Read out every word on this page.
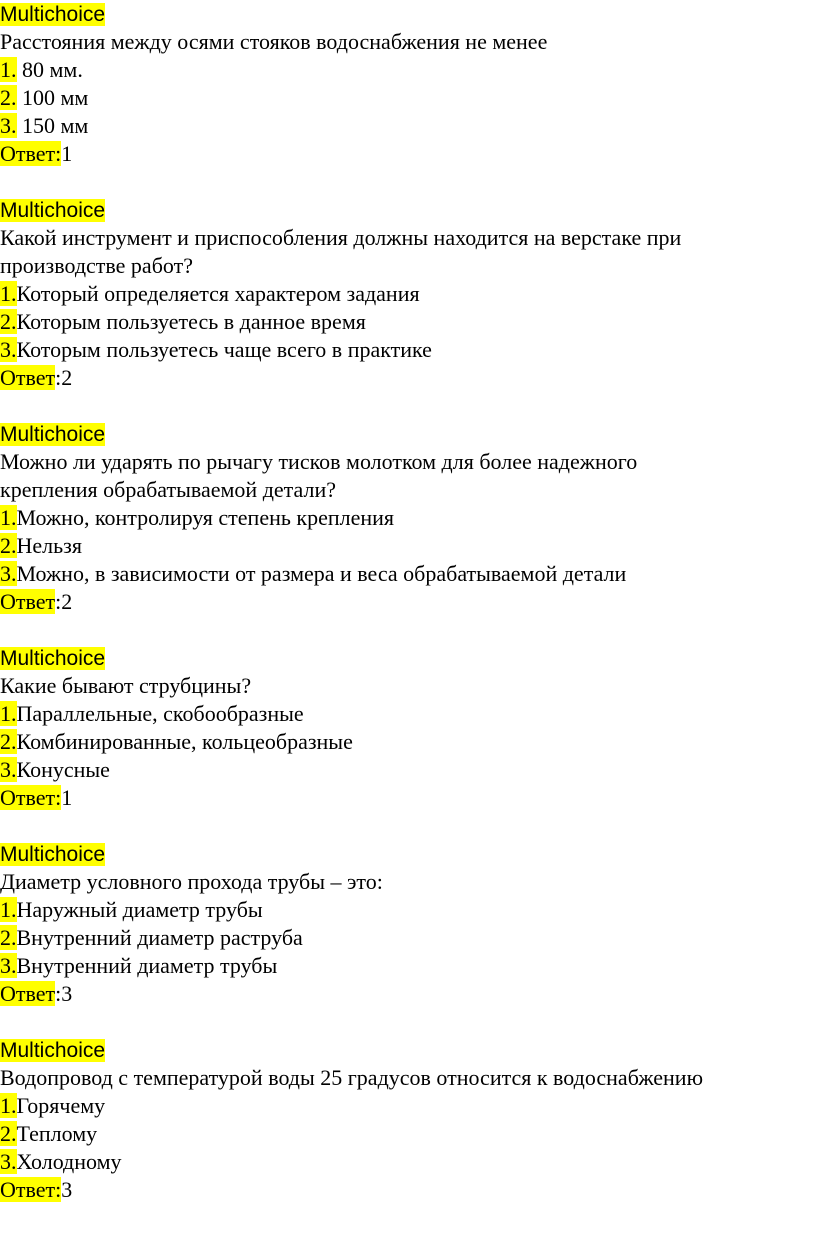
Multichoice
Расстояния между осями стояков водоснабжения не менее
1. 80 мм.
2. 100 мм
3. 150 мм
Ответ:1
Multichoice
Какой инструмент и приспособления должны находится на верстаке при
производстве работ?
1.Который определяется характером задания
2.Которым пользуетесь в данное время
3.Которым пользуетесь чаще всего в практике
Ответ:2
Multichoice
Можно ли ударять по рычагу тисков молотком для более надежного
крепления обрабатываемой детали?
1.Можно, контролируя степень крепления
2.Нельзя
3.Можно, в зависимости от размера и веса обрабатываемой детали
Ответ:2
Multichoice
Какие бывают струбцины?
1.Параллельные, скобообразные
2.Комбинированные, кольцеобразные
3.Конусные
Ответ:1
Multichoice
Диаметр условного прохода трубы – это:
1.Наружный диаметр трубы
2.Внутренний диаметр раструба
3.Внутренний диаметр трубы
Ответ:3
Multichoice
Водопровод с температурой воды 25 градусов относится к водоснабжению
1.Горячему
2.Теплому
3.Холодному
Ответ:3
